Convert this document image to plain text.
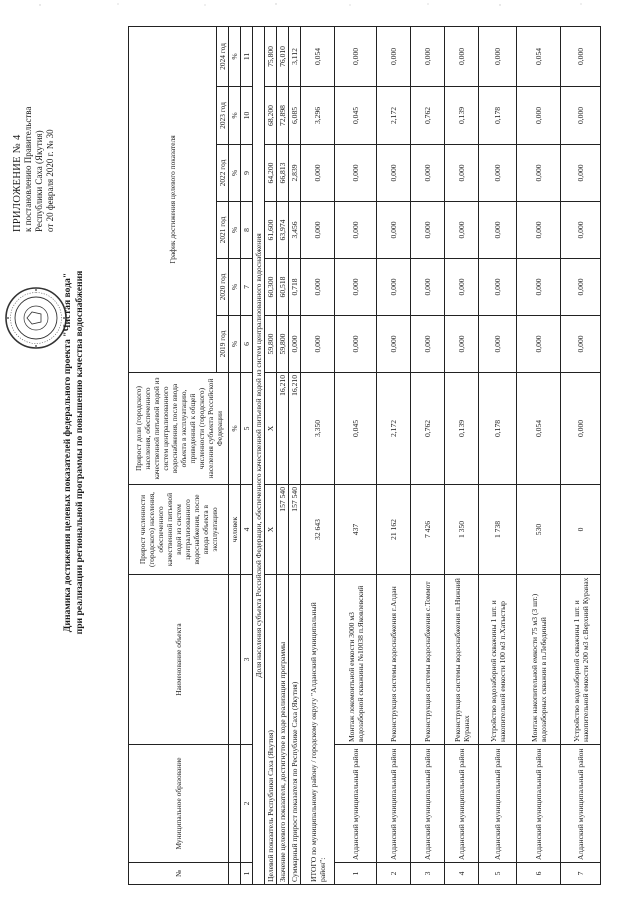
ПРИЛОЖЕНИЕ № 4 к постановлению Правительства Республики Саха (Якутия) от 20 февраля 2020 г. № 30
Динамика достижения целевых показателей федерального проекта "Чистая вода" при реализации региональной программы по повышению качества водоснабжения
№	Муниципальное образование	Наименование объекта	Прирост численности (городского) населения, обеспеченного качественной питьевой водой из систем централизованного водоснабжения, после ввода объекта в эксплуатацию	Прирост доли (городского) населения, обеспеченного качественной питьевой водой из систем централизованного водоснабжения, после ввода объекта в эксплуатацию, приведенный к общей численности (городского) населения субъекта Российской Федерации	График достижения целевого показателя					
					2019 год	2020 год	2021 год	2022 год	2023 год	2024 год
			человек	%	%	%	%	%	%	%
1	2	3	4	5	6	7	8	9	10	11
Доля населения субъекта Российской Федерации, обеспеченного качественной питьевой водой из систем централизованного водоснабжения										
Целевой показатель Республики Саха (Якутия)			X	X	59,800	60,300	61,600	64,200	68,200	75,800
Значение целевого показателя, достигнутое в ходе реализации программы			157 540	16,210	59,800	60,518	63,974	66,813	72,898	76,010
Суммарный прирост показателя по Республике Саха (Якутия)			157 540	16,210	0,000	0,718	3,456	2,839	6,085	3,112
ИТОГО по муниципальному району / городскому округу "Алданский муниципальный район":			32 643	3,350	0,000	0,000	0,000	0,000	3,296	0,054
1	Алданский муниципальный район	Монтаж локомоитьной емкости 3000 м3 водозаборной скважины №10038 п.Яковлевский	437	0,045	0,000	0,000	0,000	0,000	0,045	0,000
2	Алданский муниципальный район	Реконструкция системы водоснабжения г.Алдан	21 162	2,172	0,000	0,000	0,000	0,000	2,172	0,000
3	Алданский муниципальный район	Реконструкция системы водоснабжения с.Томмот	7 426	0,762	0,000	0,000	0,000	0,000	0,762	0,000
4	Алданский муниципальный район	Реконструкция системы водоснабжения п.Нижний Куранах	1 350	0,139	0,000	0,000	0,000	0,000	0,139	0,000
5	Алданский муниципальный район	Устройство водозаборной скважины 1 шт. и накопительной емкости 100 м3 п.Хатыстыр	1 738	0,178	0,000	0,000	0,000	0,000	0,178	0,000
6	Алданский муниципальный район	Монтаж накопительной емкости 75 м3 (3 шт.) водозаборных скважин в п.Лебединый	530	0,054	0,000	0,000	0,000	0,000	0,000	0,054
7	Алданский муниципальный район	Устройство водозаборной скважины 1 шт. и накопительной емкости 200 м3 с.Верхний Куранах	0	0,000	0,000	0,000	0,000	0,000	0,000	0,000
